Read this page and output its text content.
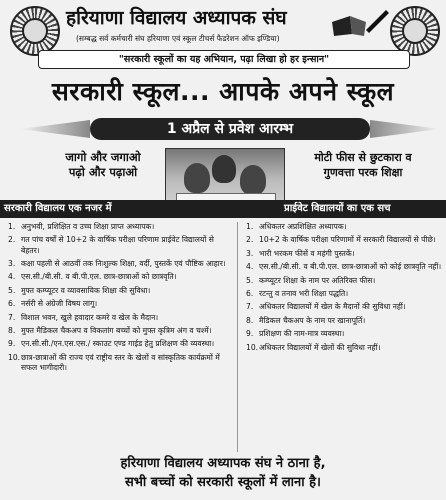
हरियाणा विद्यालय अध्यापक संघ
(सम्बद्ध सर्व कर्मचारी संघ हरियाणा एवं स्कूल टीचर्स फैडरेशन ऑफ इण्डिया)
"सरकारी स्कूलों का यह अभियान, पढ़ा लिखा हो हर इन्सान"
सरकारी स्कूल... आपके अपने स्कूल
1 अप्रैल से प्रवेश आरम्भ
जागो और जगाओ
पढ़ो और पढ़ाओ
मोटी फीस से छुटकारा व
गुणवत्ता परक शिक्षा
सरकारी विद्यालय एक नजर में	प्राईवेट विद्यालयों का एक सच
1. अनुभवी, प्रशिक्षित व उच्च शिक्षा प्राप्त अध्यापक।
2. गत पांच वर्षों से 10+2 के वार्षिक परीक्षा परिणाम प्राईवेट विद्यालयों से बेहतर।
3. कक्षा पहली से आठवीं तक निःशुल्क शिक्षा, वर्दी, पुस्तकें एवं पौष्टिक आहार।
4. एस.सी./बी.सी. व बी.पी.एल. छात्र-छात्राओं को छात्रवृति।
5. मुफ्त कम्प्यूटर व व्यावसायिक शिक्षा की सुविधा।
6. नर्सरी से अंग्रेजी विषय लागू।
7. विशाल भवन, खुले हवादार कमरे व खेल के मैदान।
8. मुफ्त मैडिकल चैकअप व विकलांग बच्चों को मुफ्त कृत्रिम अंग व चश्में।
9. एन.सी.सी./एन.एस.एस./ स्काउट एण्ड गाईड हेतु प्रशिक्षण की व्यवस्था।
10. छात्र-छात्राओं की राज्य एवं राष्ट्रीय स्तर के खेलों व सांस्कृतिक कार्यक्रमों में सफल भागीदारी।
1. अधिकतर अप्रशिक्षित अध्यापक।
2. 10+2 के वार्षिक परीक्षा परिणामों में सरकारी विद्यालयों से पीछे।
3. भारी भरकम फीसें व महंगी पुस्तकें।
4. एस.सी./बी.सी. व बी.पी.एल. छात्र-छात्राओं को कोई छात्रवृति नहीं।
5. कम्प्यूटर शिक्षा के नाम पर अतिरिक्त फीस।
6. रटन्तु व तनाव भरी शिक्षा पद्धति।
7. अधिकतर विद्यालयों में खेल के मैदानों की सुविधा नहीं।
8. मैडिकल चैकअप के नाम पर खानापूर्ति।
9. प्रशिक्षण की नाम-मात्र व्यवस्था।
10. अधिकतर विद्यालयों में खेलों की सुविधा नहीं।
हरियाणा विद्यालय अध्यापक संघ ने ठाना है,
सभी बच्चों को सरकारी स्कूलों में लाना है।
